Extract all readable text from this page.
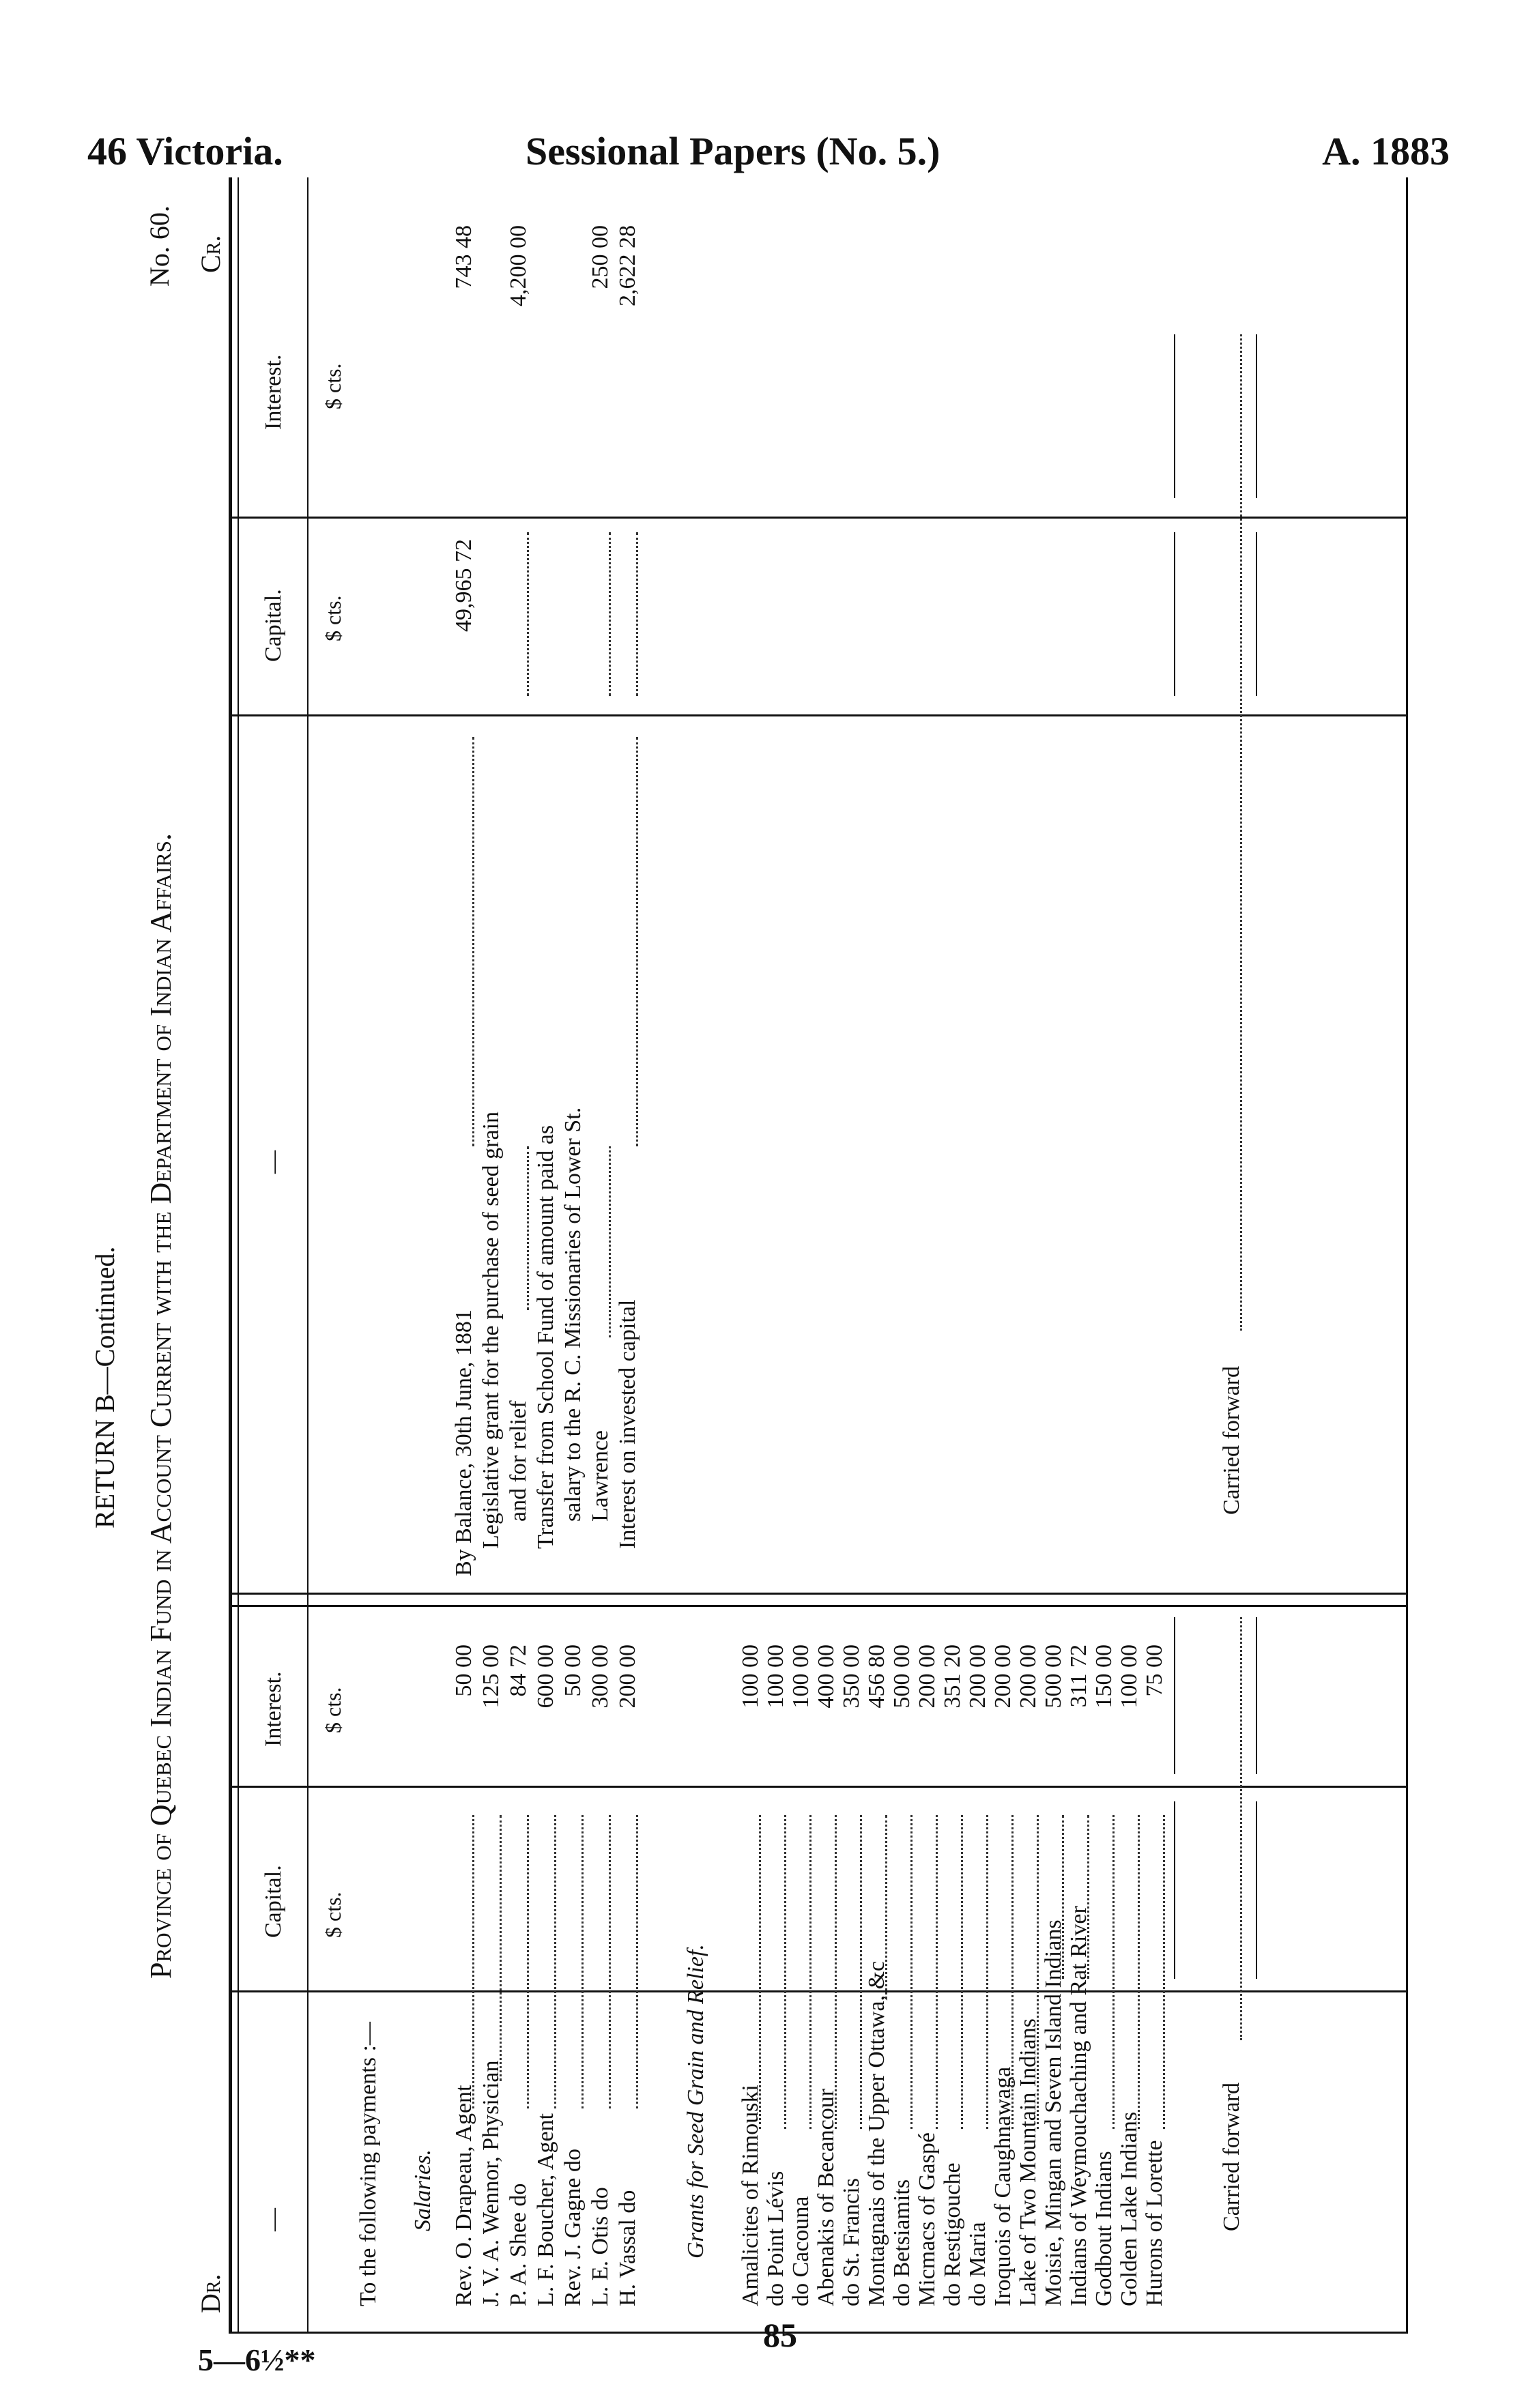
46 Victoria.	Sessional Papers (No. 5.)	A. 1883
RETURN B—Continued. Province of Quebec Indian Fund in Account Current with the Department of Indian Affairs.
No. 60.
Dr.
Cr.
—
Capital.
Interest.
$ cts.
$ cts.
—
Capital.
Interest.
$ cts.
$ cts.
To the following payments :— Salaries. Rev. O. Drapeau, Agent J. V. A. Wennor, Physician P. A. Shee do L. F. Boucher, Agent Rev. J. Gagne do L. E. Otis do H. Vassal do
50 00 125 00 84 72 600 00 50 00 300 00 200 00
Grants for Seed Grain and Relief. Amalicites of Rimouski do Point Lévis do Cacouna Abenakis of Becancour do St. Francis Montagnais of the Upper Ottawa, &c do Betsiamits Micmacs of Gaspé do Restigouche do Maria Iroquois of Caughnawaga Lake of Two Mountain Indians Moisie, Mingan and Seven Island Indians Indians of Weymouchaching and Rat River Godbout Indians Golden Lake Indians Hurons of Lorette
100 00 100 00 100 00 400 00 350 00 456 80 500 00 200 00 351 20 200 00 200 00 200 00 500 00 311 72 150 00 100 00 75 00
Carried forward
By Balance, 30th June, 1881 Legislative grant for the purchase of seed grain and for relief Transfer from School Fund of amount paid as salary to the R. C. Missionaries of Lower St. Lawrence Interest on invested capital
49,965 72
743 48 4,200 00 250 00 2,622 28
Carried forward
85
5—6½**
